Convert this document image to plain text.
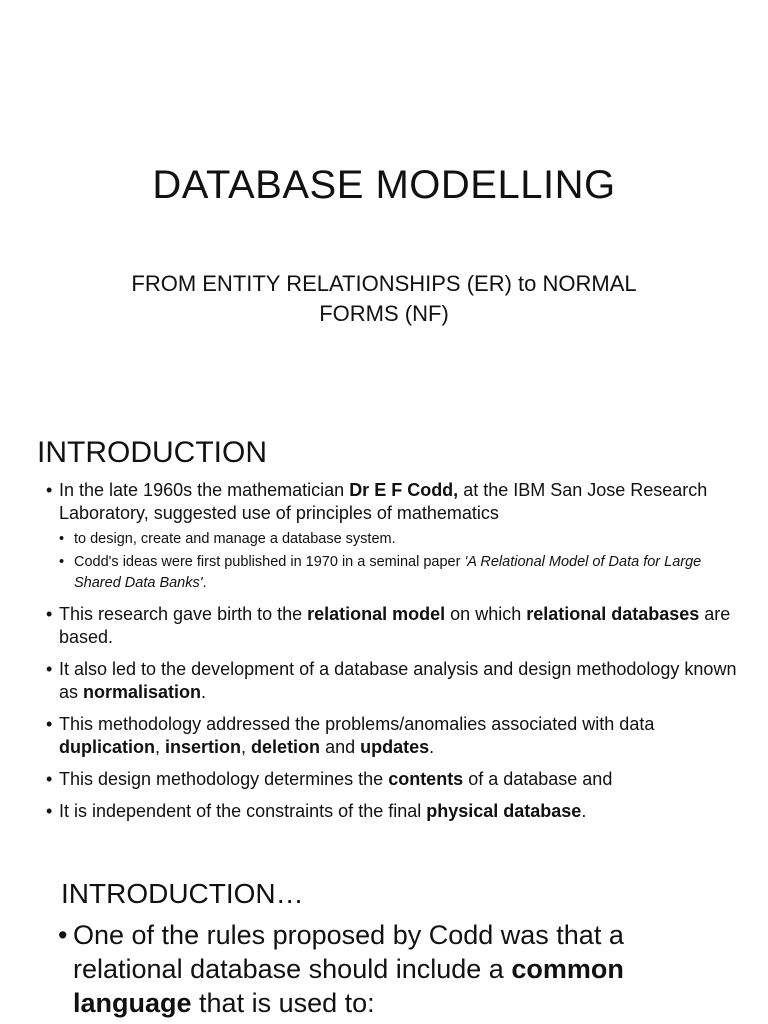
DATABASE MODELLING

FROM ENTITY RELATIONSHIPS (ER) to NORMAL FORMS (NF)

INTRODUCTION
• In the late 1960s the mathematician Dr E F Codd, at the IBM San Jose Research Laboratory, suggested use of principles of mathematics
• to design, create and manage a database system.
• Codd's ideas were first published in 1970 in a seminal paper 'A Relational Model of Data for Large Shared Data Banks'.
• This research gave birth to the relational model on which relational databases are based.
• It also led to the development of a database analysis and design methodology known as normalisation.
• This methodology addressed the problems/anomalies associated with data duplication, insertion, deletion and updates.
• This design methodology determines the contents of a database and
• It is independent of the constraints of the final physical database.
INTRODUCTION…
• One of the rules proposed by Codd was that a relational database should include a common language that is used to:
